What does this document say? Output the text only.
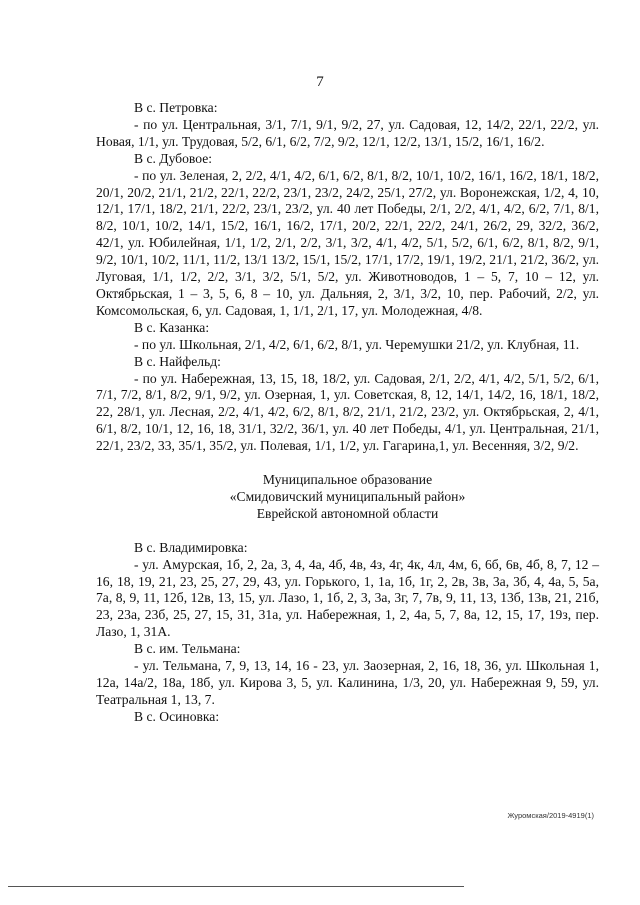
7

В с. Петровка:

- по ул. Центральная, 3/1, 7/1, 9/1, 9/2, 27, ул. Садовая, 12, 14/2, 22/1, 22/2, ул. Новая, 1/1, ул. Трудовая, 5/2, 6/1, 6/2, 7/2, 9/2, 12/1, 12/2, 13/1, 15/2, 16/1, 16/2.

В с. Дубовое:

- по ул. Зеленая, 2, 2/2, 4/1, 4/2, 6/1, 6/2, 8/1, 8/2, 10/1, 10/2, 16/1, 16/2, 18/1, 18/2, 20/1, 20/2, 21/1, 21/2, 22/1, 22/2, 23/1, 23/2, 24/2, 25/1, 27/2, ул. Воронежская, 1/2, 4, 10, 12/1, 17/1, 18/2, 21/1, 22/2, 23/1, 23/2, ул. 40 лет Победы, 2/1, 2/2, 4/1, 4/2, 6/2, 7/1, 8/1, 8/2, 10/1, 10/2, 14/1, 15/2, 16/1, 16/2, 17/1, 20/2, 22/1, 22/2, 24/1, 26/2, 29, 32/2, 36/2, 42/1, ул. Юбилейная, 1/1, 1/2, 2/1, 2/2, 3/1, 3/2, 4/1, 4/2, 5/1, 5/2, 6/1, 6/2, 8/1, 8/2, 9/1, 9/2, 10/1, 10/2, 11/1, 11/2, 13/1 13/2, 15/1, 15/2, 17/1, 17/2, 19/1, 19/2, 21/1, 21/2, 36/2, ул. Луговая, 1/1, 1/2, 2/2, 3/1, 3/2, 5/1, 5/2, ул. Животноводов, 1 – 5, 7, 10 – 12, ул. Октябрьская, 1 – 3, 5, 6, 8 – 10, ул. Дальняя, 2, 3/1, 3/2, 10, пер. Рабочий, 2/2, ул. Комсомольская, 6, ул. Садовая, 1, 1/1, 2/1, 17, ул. Молодежная, 4/8.

В с. Казанка:

- по ул. Школьная, 2/1, 4/2, 6/1, 6/2, 8/1, ул. Черемушки 21/2, ул. Клубная, 11.

В с. Найфельд:

- по ул. Набережная, 13, 15, 18, 18/2, ул. Садовая, 2/1, 2/2, 4/1, 4/2, 5/1, 5/2, 6/1, 7/1, 7/2, 8/1, 8/2, 9/1, 9/2, ул. Озерная, 1, ул. Советская, 8, 12, 14/1, 14/2, 16, 18/1, 18/2, 22, 28/1, ул. Лесная, 2/2, 4/1, 4/2, 6/2, 8/1, 8/2, 21/1, 21/2, 23/2, ул. Октябрьская, 2, 4/1, 6/1, 8/2, 10/1, 12, 16, 18, 31/1, 32/2, 36/1, ул. 40 лет Победы, 4/1, ул. Центральная, 21/1, 22/1, 23/2, 33, 35/1, 35/2, ул. Полевая, 1/1, 1/2, ул. Гагарина,1, ул. Весенняя, 3/2, 9/2.

Муниципальное образование

«Смидовичский муниципальный район»

Еврейской автономной области

В с. Владимировка:

- ул. Амурская, 1б, 2, 2а, 3, 4, 4а, 4б, 4в, 4з, 4г, 4к, 4л, 4м, 6, 6б, 6в, 4б, 8, 7, 12 – 16, 18, 19, 21, 23, 25, 27, 29, 43, ул. Горького, 1, 1а, 1б, 1г, 2, 2в, 3в, 3а, 3б, 4, 4а, 5, 5а, 7а, 8, 9, 11, 12б, 12в, 13, 15, ул. Лазо, 1, 1б, 2, 3, 3а, 3г, 7, 7в, 9, 11, 13, 13б, 13в, 21, 21б, 23, 23а, 23б, 25, 27, 15, 31, 31а, ул. Набережная, 1, 2, 4а, 5, 7, 8а, 12, 15, 17, 19з, пер. Лазо, 1, 31А.

В с. им. Тельмана:

- ул. Тельмана, 7, 9, 13, 14, 16 - 23, ул. Заозерная, 2, 16, 18, 36, ул. Школьная 1, 12а, 14а/2, 18а, 18б, ул. Кирова 3, 5, ул. Калинина, 1/3, 20, ул. Набережная 9, 59, ул. Театральная 1, 13, 7.

В с. Осиновка:

Журомская/2019-4919(1)
